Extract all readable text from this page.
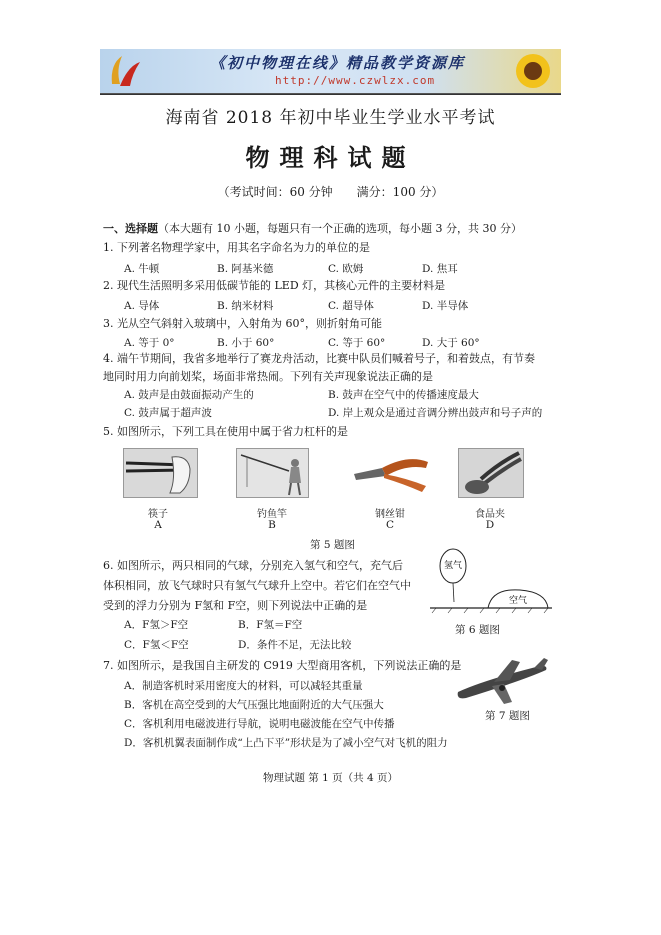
《初中物理在线》精品教学资源库
http://www.czwlzx.com
海南省 2018 年初中毕业生学业水平考试
物理科试题
（考试时间：60 分钟　　满分：100 分）
一、选择题（本大题有 10 小题，每题只有一个正确的选项，每小题 3 分，共 30 分）
1. 下列著名物理学家中，用其名字命名为力的单位的是
A. 牛顿	B. 阿基米德	C. 欧姆	D. 焦耳
2. 现代生活照明多采用低碳节能的 LED 灯，其核心元件的主要材料是
A. 导体	B. 纳米材料	C. 超导体	D. 半导体
3. 光从空气斜射入玻璃中，入射角为 60°，则折射角可能
A. 等于 0°	B. 小于 60°	C. 等于 60°	D. 大于 60°
4. 端午节期间，我省多地举行了赛龙舟活动，比赛中队员们喊着号子，和着鼓点，有节奏
地同时用力向前划桨，场面非常热闹。下列有关声现象说法正确的是
A. 鼓声是由鼓面振动产生的	B. 鼓声在空气中的传播速度最大
C. 鼓声属于超声波	D. 岸上观众是通过音调分辨出鼓声和号子声的
5. 如图所示，下列工具在使用中属于省力杠杆的是
筷子
A
钓鱼竿
B
钢丝钳
C
食品夹
D
第 5 题图
6. 如图所示，两只相同的气球，分别充入氢气和空气，充气后
体积相同，放飞气球时只有氢气气球升上空中。若它们在空气中
受到的浮力分别为 F氢和 F空，则下列说法中正确的是
A．F氢＞F空	B．F氢＝F空
C．F氢＜F空	D．条件不足，无法比较
氢气
空气
第 6 题图
7. 如图所示，是我国自主研发的 C919 大型商用客机，下列说法正确的是
A．制造客机时采用密度大的材料，可以减轻其重量
B．客机在高空受到的大气压强比地面附近的大气压强大
C．客机利用电磁波进行导航，说明电磁波能在空气中传播
D．客机机翼表面制作成“上凸下平”形状是为了减小空气对飞机的阻力
第 7 题图
物理试题 第 1 页（共 4 页）
